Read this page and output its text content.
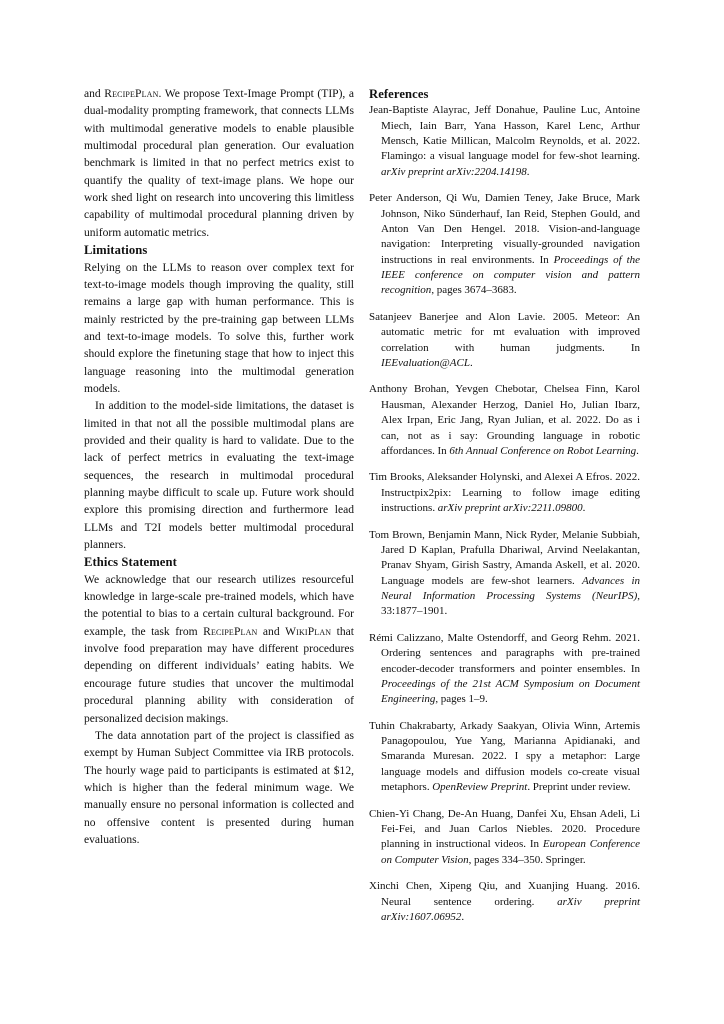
and RecipePlan. We propose Text-Image Prompt (TIP), a dual-modality prompting framework, that connects LLMs with multimodal generative models to enable plausible multimodal procedural plan generation. Our evaluation benchmark is limited in that no perfect metrics exist to quantify the quality of text-image plans. We hope our work shed light on research into uncovering this limitless capability of multimodal procedural planning driven by uniform automatic metrics.

Limitations

Relying on the LLMs to reason over complex text for text-to-image models though improving the quality, still remains a large gap with human performance. This is mainly restricted by the pre-training gap between LLMs and text-to-image models. To solve this, further work should explore the finetuning stage that how to inject this language reasoning into the multimodal generation models.

In addition to the model-side limitations, the dataset is limited in that not all the possible multimodal plans are provided and their quality is hard to validate. Due to the lack of perfect metrics in evaluating the text-image sequences, the research in multimodal procedural planning maybe difficult to scale up. Future work should explore this promising direction and furthermore lead LLMs and T2I models better multimodal procedural planners.

Ethics Statement

We acknowledge that our research utilizes resourceful knowledge in large-scale pre-trained models, which have the potential to bias to a certain cultural background. For example, the task from RecipePlan and WikiPlan that involve food preparation may have different procedures depending on different individuals’ eating habits. We encourage future studies that uncover the multimodal procedural planning ability with consideration of personalized decision makings.

The data annotation part of the project is classified as exempt by Human Subject Committee via IRB protocols. The hourly wage paid to participants is estimated at $12, which is higher than the federal minimum wage. We manually ensure no personal information is collected and no offensive content is presented during human evaluations.

References

Jean-Baptiste Alayrac, Jeff Donahue, Pauline Luc, Antoine Miech, Iain Barr, Yana Hasson, Karel Lenc, Arthur Mensch, Katie Millican, Malcolm Reynolds, et al. 2022. Flamingo: a visual language model for few-shot learning. arXiv preprint arXiv:2204.14198.

Peter Anderson, Qi Wu, Damien Teney, Jake Bruce, Mark Johnson, Niko Sünderhauf, Ian Reid, Stephen Gould, and Anton Van Den Hengel. 2018. Vision-and-language navigation: Interpreting visually-grounded navigation instructions in real environments. In Proceedings of the IEEE conference on computer vision and pattern recognition, pages 3674–3683.

Satanjeev Banerjee and Alon Lavie. 2005. Meteor: An automatic metric for mt evaluation with improved correlation with human judgments. In IEEvaluation@ACL.

Anthony Brohan, Yevgen Chebotar, Chelsea Finn, Karol Hausman, Alexander Herzog, Daniel Ho, Julian Ibarz, Alex Irpan, Eric Jang, Ryan Julian, et al. 2022. Do as i can, not as i say: Grounding language in robotic affordances. In 6th Annual Conference on Robot Learning.

Tim Brooks, Aleksander Holynski, and Alexei A Efros. 2022. Instructpix2pix: Learning to follow image editing instructions. arXiv preprint arXiv:2211.09800.

Tom Brown, Benjamin Mann, Nick Ryder, Melanie Subbiah, Jared D Kaplan, Prafulla Dhariwal, Arvind Neelakantan, Pranav Shyam, Girish Sastry, Amanda Askell, et al. 2020. Language models are few-shot learners. Advances in Neural Information Processing Systems (NeurIPS), 33:1877–1901.

Rémi Calizzano, Malte Ostendorff, and Georg Rehm. 2021. Ordering sentences and paragraphs with pre-trained encoder-decoder transformers and pointer ensembles. In Proceedings of the 21st ACM Symposium on Document Engineering, pages 1–9.

Tuhin Chakrabarty, Arkady Saakyan, Olivia Winn, Artemis Panagopoulou, Yue Yang, Marianna Apidianaki, and Smaranda Muresan. 2022. I spy a metaphor: Large language models and diffusion models co-create visual metaphors. OpenReview Preprint. Preprint under review.

Chien-Yi Chang, De-An Huang, Danfei Xu, Ehsan Adeli, Li Fei-Fei, and Juan Carlos Niebles. 2020. Procedure planning in instructional videos. In European Conference on Computer Vision, pages 334–350. Springer.

Xinchi Chen, Xipeng Qiu, and Xuanjing Huang. 2016. Neural sentence ordering. arXiv preprint arXiv:1607.06952.
